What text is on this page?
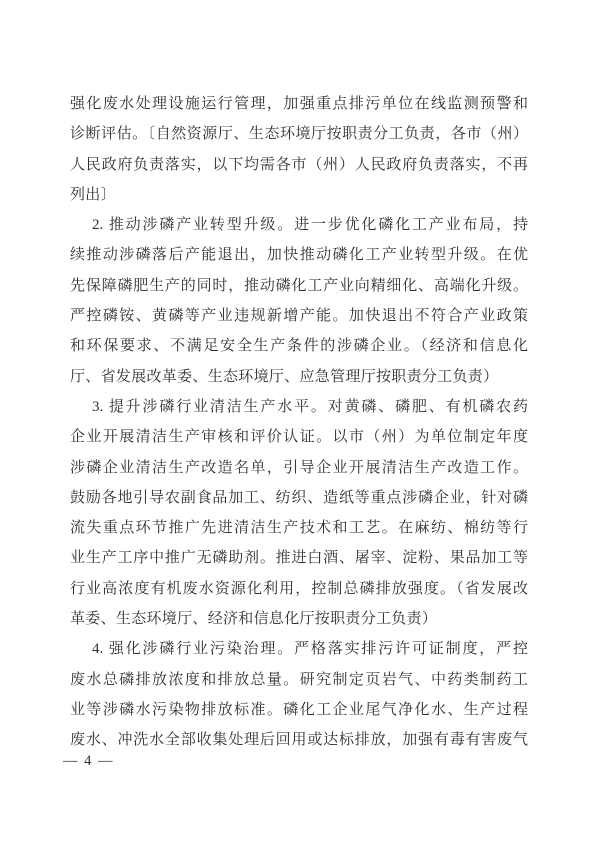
强化废水处理设施运行管理，加强重点排污单位在线监测预警和
诊断评估。〔自然资源厅、生态环境厅按职责分工负责，各市（州）
人民政府负责落实，以下均需各市（州）人民政府负责落实，不再
列出〕
2. 推动涉磷产业转型升级。进一步优化磷化工产业布局，持
续推动涉磷落后产能退出，加快推动磷化工产业转型升级。在优
先保障磷肥生产的同时，推动磷化工产业向精细化、高端化升级。
严控磷铵、黄磷等产业违规新增产能。加快退出不符合产业政策
和环保要求、不满足安全生产条件的涉磷企业。（经济和信息化
厅、省发展改革委、生态环境厅、应急管理厅按职责分工负责）
3. 提升涉磷行业清洁生产水平。对黄磷、磷肥、有机磷农药
企业开展清洁生产审核和评价认证。以市（州）为单位制定年度
涉磷企业清洁生产改造名单，引导企业开展清洁生产改造工作。
鼓励各地引导农副食品加工、纺织、造纸等重点涉磷企业，针对磷
流失重点环节推广先进清洁生产技术和工艺。在麻纺、棉纺等行
业生产工序中推广无磷助剂。推进白酒、屠宰、淀粉、果品加工等
行业高浓度有机废水资源化利用，控制总磷排放强度。（省发展改
革委、生态环境厅、经济和信息化厅按职责分工负责）
4. 强化涉磷行业污染治理。严格落实排污许可证制度，严控
废水总磷排放浓度和排放总量。研究制定页岩气、中药类制药工
业等涉磷水污染物排放标准。磷化工企业尾气净化水、生产过程
废水、冲洗水全部收集处理后回用或达标排放，加强有毒有害废气
— 4 —
